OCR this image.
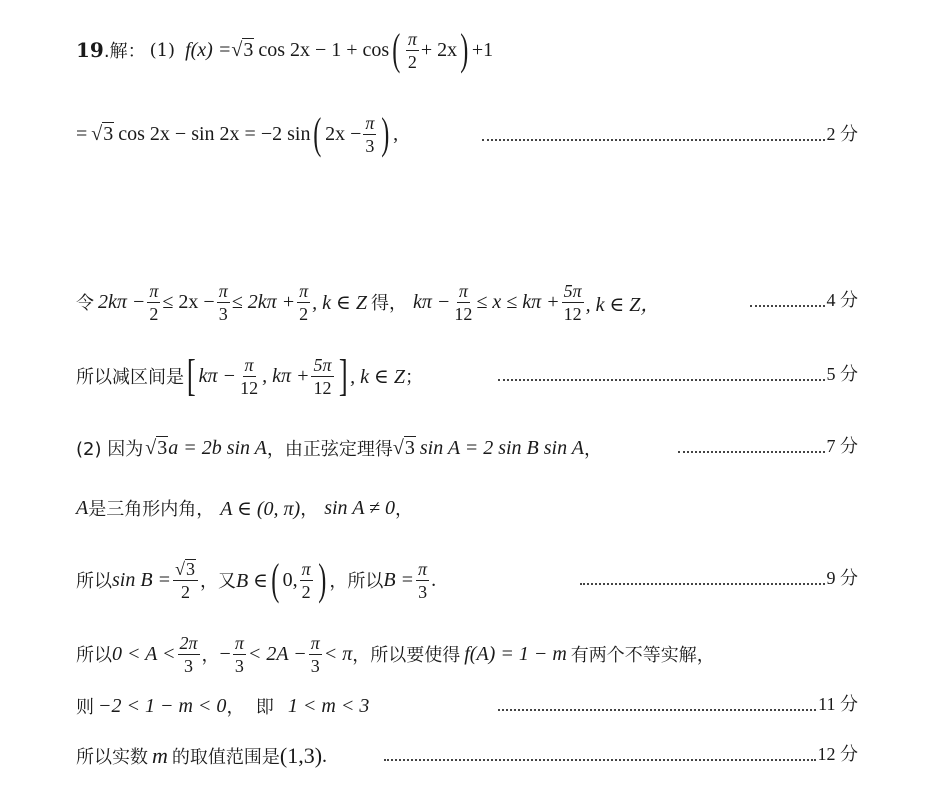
19 .解： (1) f(x) = √ 3 cos 2x − 1 + cos ( $\frac{\pi}{2} + 2x$ ) +1
= √ 3 cos 2x − sin 2x = −2 sin ( $2x - \frac{\pi}{3}$ ) ,	2 分
令 $2k\pi - \frac{\pi}{2} \le 2x - \frac{\pi}{3} \le 2k\pi + \frac{\pi}{2}$ , k ∈ Z 得， $k\pi - \frac{\pi}{12} \le x \le k\pi + \frac{5\pi}{12}$ , k ∈ Z，	4 分
所以减区间是 [ $k\pi - \frac{\pi}{12}$ , $k\pi + \frac{5\pi}{12}$ ] , k ∈ Z ；	5 分
(2) 因为 √ 3 a = 2b sin A ，由正弦定理得 √ 3 sin A = 2 sin B sin A ，	7 分
A 是三角形内角， A ∈ (0, π) ， sin A ≠ 0 ，
所以 $\sin B = \frac{√ 3}{2}$ ，又 B ∈ ( 0, $\frac{\pi}{2}$ ) ，所以 $B = \frac{\pi}{3}$ .	9 分
所以 $0 < A < \frac{2\pi}{3}$ ， − $\frac{\pi}{3} < 2A - \frac{\pi}{3} < \pi$ ，所以要使得 f(A) = 1 − m 有两个不等实解，
则 −2 < 1 − m < 0 ，  即 1 < m < 3	11 分
所以实数 m 的取值范围是 (1,3) .	12 分
